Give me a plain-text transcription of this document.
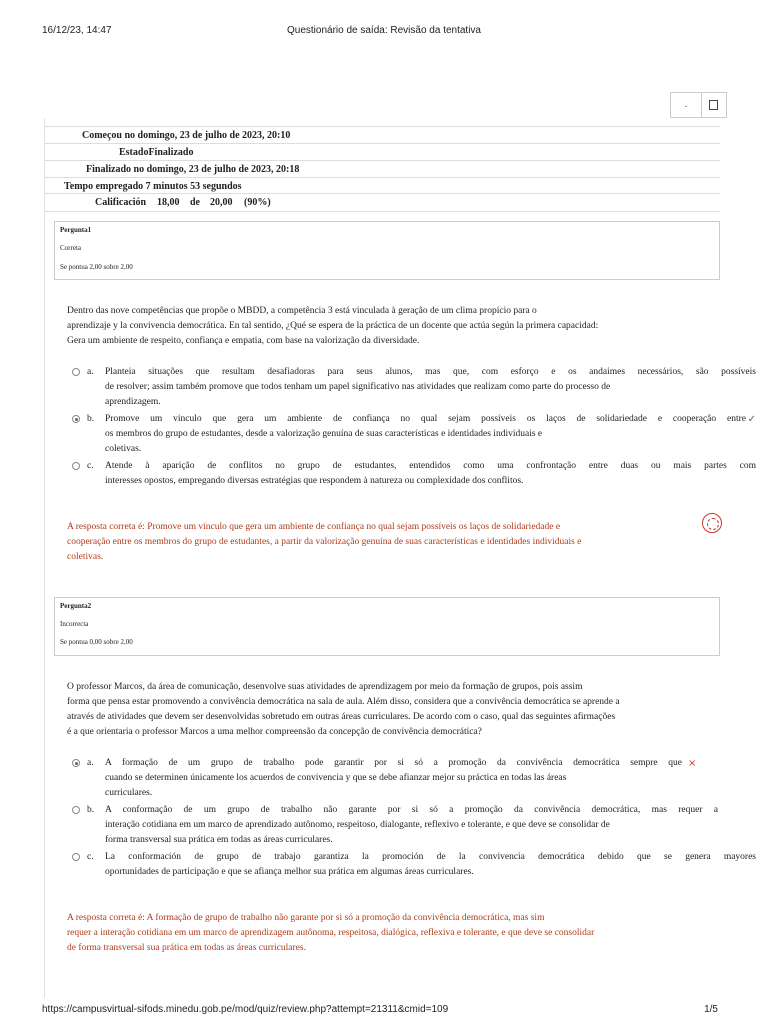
16/12/23, 14:47	Questionário de saída: Revisão da tentativa
https://campusvirtual-sifods.minedu.gob.pe/mod/quiz/review.php?attempt=21311&cmid=109	1/5
.
Começou no domingo, 23 de julho de 2023, 20:10
EstadoFinalizado
Finalizado no domingo, 23 de julho de 2023, 20:18
Tempo empregado 7 minutos 53 segundos
Calificación 18,00 de 20,00 (90%)
Pergunta1
Correta
Se pontua 2,00 sobre 2,00
Dentro das nove competências que propõe o MBDD, a competência 3 está vinculada à geração de um clima propício para o
aprendizaje y la convivencia democrática. En tal sentido, ¿Qué se espera de la práctica de un docente que actúa según la primera capacidad:
Gera um ambiente de respeito, confiança e empatia, com base na valorização da diversidade.
a. Planteia situações que resultam desafiadoras para seus alunos, mas que, com esforço e os andaimes necessários, são possíveis
de resolver; assim também promove que todos tenham um papel significativo nas atividades que realizam como parte do processo de
aprendizagem.
b. Promove um vínculo que gera um ambiente de confiança no qual sejam possíveis os laços de solidariedade e cooperação entre
os membros do grupo de estudantes, desde a valorização genuína de suas características e identidades individuais e
coletivas.
✓
c. Atende à aparição de conflitos no grupo de estudantes, entendidos como uma confrontação entre duas ou mais partes com
interesses opostos, empregando diversas estratégias que respondem à natureza ou complexidade dos conflitos.
A resposta correta é: Promove um vínculo que gera um ambiente de confiança no qual sejam possíveis os laços de solidariedade e
cooperação entre os membros do grupo de estudantes, a partir da valorização genuína de suas características e identidades individuais e
coletivas.
Pergunta2
Incorrecta
Se pontua 0,00 sobre 2,00
O professor Marcos, da área de comunicação, desenvolve suas atividades de aprendizagem por meio da formação de grupos, pois assim
forma que pensa estar promovendo a convivência democrática na sala de aula. Além disso, considera que a convivência democrática se aprende a
através de atividades que devem ser desenvolvidas sobretudo em outras áreas curriculares. De acordo com o caso, qual das seguintes afirmações
é a que orientaria o professor Marcos a uma melhor compreensão da concepção de convivência democrática?
a. A formação de um grupo de trabalho pode garantir por si só a promoção da convivência democrática sempre que
cuando se determinen únicamente los acuerdos de convivencia y que se debe afianzar mejor su práctica en todas las áreas
curriculares.
×
b. A conformação de um grupo de trabalho não garante por si só a promoção da convivência democrática, mas requer a
interação cotidiana em um marco de aprendizado autônomo, respeitoso, dialogante, reflexivo e tolerante, e que deve se consolidar de
forma transversal sua prática em todas as áreas curriculares.
c. La conformación de grupo de trabajo garantiza la promoción de la convivencia democrática debido que se genera mayores
oportunidades de participação e que se afiança melhor sua prática em algumas áreas curriculares.
A resposta correta é: A formação de grupo de trabalho não garante por si só a promoção da convivência democrática, mas sim
requer a interação cotidiana em um marco de aprendizagem autônoma, respeitosa, dialógica, reflexiva e tolerante, e que deve se consolidar
de forma transversal sua prática em todas as áreas curriculares.
